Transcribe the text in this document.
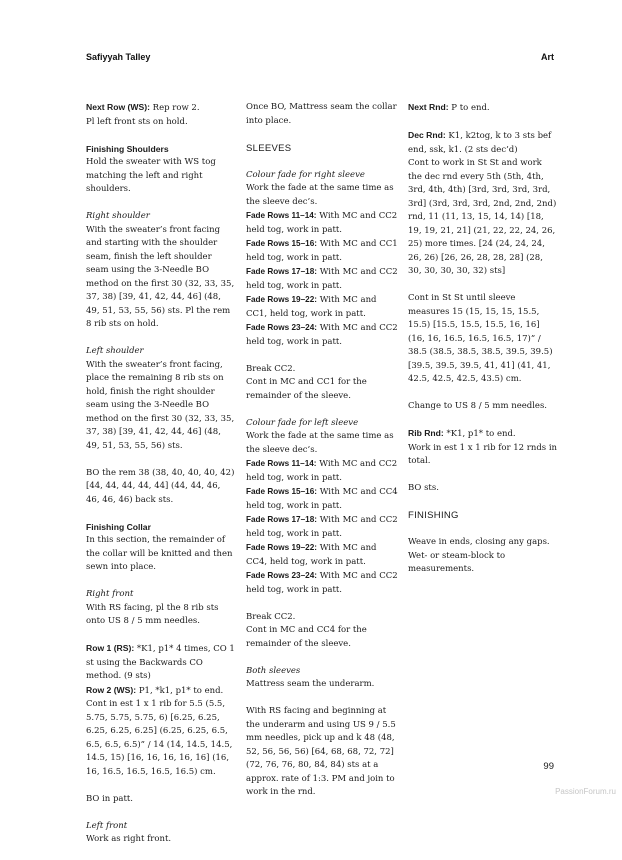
Safiyyah Talley	Art

Next Row (WS): Rep row 2.

Pl left front sts on hold.

Finishing Shoulders

Hold the sweater with WS tog matching the left and right shoulders.

Right shoulder

With the sweater’s front facing and starting with the shoulder seam, finish the left shoulder seam using the 3-Needle BO method on the first 30 (32, 33, 35, 37, 38) [39, 41, 42, 44, 46] (48, 49, 51, 53, 55, 56) sts. Pl the rem 8 rib sts on hold.

Left shoulder

With the sweater’s front facing, place the remaining 8 rib sts on hold, finish the right shoulder seam using the 3-Needle BO method on the first 30 (32, 33, 35, 37, 38) [39, 41, 42, 44, 46] (48, 49, 51, 53, 55, 56) sts.

BO the rem 38 (38, 40, 40, 40, 42) [44, 44, 44, 44, 44] (44, 44, 46, 46, 46, 46) back sts.

Finishing Collar

In this section, the remainder of the collar will be knitted and then sewn into place.

Right front

With RS facing, pl the 8 rib sts onto US 8 / 5 mm needles.

Row 1 (RS): *K1, p1* 4 times, CO 1 st using the Backwards CO method. (9 sts)

Row 2 (WS): P1, *k1, p1* to end.

Cont in est 1 x 1 rib for 5.5 (5.5, 5.75, 5.75, 5.75, 6) [6.25, 6.25, 6.25, 6.25, 6.25] (6.25, 6.25, 6.5, 6.5, 6.5, 6.5)” / 14 (14, 14.5, 14.5, 14.5, 15) [16, 16, 16, 16, 16] (16, 16, 16.5, 16.5, 16.5, 16.5) cm.

BO in patt.

Left front

Work as right front.

Once BO, Mattress seam the collar into place.

SLEEVES

Colour fade for right sleeve

Work the fade at the same time as the sleeve dec’s.

Fade Rows 11–14: With MC and CC2 held tog, work in patt.

Fade Rows 15–16: With MC and CC1 held tog, work in patt.

Fade Rows 17–18: With MC and CC2 held tog, work in patt.

Fade Rows 19–22: With MC and CC1, held tog, work in patt.

Fade Rows 23–24: With MC and CC2 held tog, work in patt.

Break CC2.

Cont in MC and CC1 for the remainder of the sleeve.

Colour fade for left sleeve

Work the fade at the same time as the sleeve dec’s.

Fade Rows 11–14: With MC and CC2 held tog, work in patt.

Fade Rows 15–16: With MC and CC4 held tog, work in patt.

Fade Rows 17–18: With MC and CC2 held tog, work in patt.

Fade Rows 19–22: With MC and CC4, held tog, work in patt.

Fade Rows 23–24: With MC and CC2 held tog, work in patt.

Break CC2.

Cont in MC and CC4 for the remainder of the sleeve.

Both sleeves

Mattress seam the underarm.

With RS facing and beginning at the underarm and using US 9 / 5.5 mm needles, pick up and k 48 (48, 52, 56, 56, 56) [64, 68, 68, 72, 72] (72, 76, 76, 80, 84, 84) sts at a approx. rate of 1:3. PM and join to work in the rnd.

Next Rnd: P to end.

Dec Rnd: K1, k2tog, k to 3 sts bef end, ssk, k1. (2 sts dec’d)

Cont to work in St St and work the dec rnd every 5th (5th, 4th, 3rd, 4th, 4th) [3rd, 3rd, 3rd, 3rd, 3rd] (3rd, 3rd, 3rd, 2nd, 2nd, 2nd) rnd, 11 (11, 13, 15, 14, 14) [18, 19, 19, 21, 21] (21, 22, 22, 24, 26, 25) more times. [24 (24, 24, 24, 26, 26) [26, 26, 28, 28, 28] (28, 30, 30, 30, 30, 32) sts]

Cont in St St until sleeve measures 15 (15, 15, 15, 15.5, 15.5) [15.5, 15.5, 15.5, 16, 16] (16, 16, 16.5, 16.5, 16.5, 17)” / 38.5 (38.5, 38.5, 38.5, 39.5, 39.5) [39.5, 39.5, 39.5, 41, 41] (41, 41, 42.5, 42.5, 42.5, 43.5) cm.

Change to US 8 / 5 mm needles.

Rib Rnd: *K1, p1* to end.

Work in est 1 x 1 rib for 12 rnds in total.

BO sts.

FINISHING

Weave in ends, closing any gaps. Wet- or steam-block to measurements.

99
PassionForum.ru
